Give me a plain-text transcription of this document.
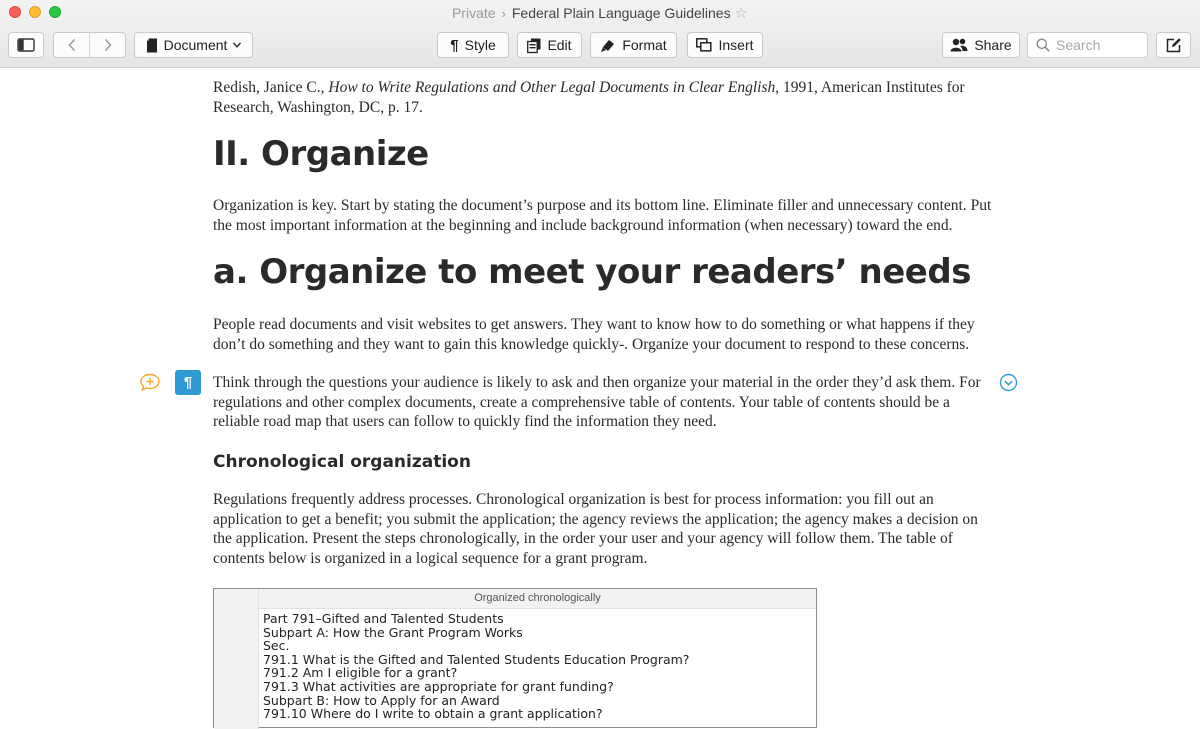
Private › Federal Plain Language Guidelines ☆
Document	¶ Style	Edit	Format	Insert	Share
Search
Redish, Janice C., How to Write Regulations and Other Legal Documents in Clear English, 1991, American Institutes for Research, Washington, DC, p. 17.
II. Organize
Organization is key. Start by stating the document’s purpose and its bottom line. Eliminate filler and unnecessary content. Put the most important information at the beginning and include background information (when necessary) toward the end.
a. Organize to meet your readers’ needs
People read documents and visit websites to get answers. They want to know how to do something or what happens if they don’t do something and they want to gain this knowledge quickly-. Organize your document to respond to these concerns.
¶	Think through the questions your audience is likely to ask and then organize your material in the order they’d ask them. For regulations and other complex documents, create a comprehensive table of contents. Your table of contents should be a reliable road map that users can follow to quickly find the information they need.
Chronological organization
Regulations frequently address processes. Chronological organization is best for process information: you fill out an application to get a benefit; you submit the application; the agency reviews the application; the agency makes a decision on the application. Present the steps chronologically, in the order your user and your agency will follow them. The table of contents below is organized in a logical sequence for a grant program.
Organized chronologically
Part 791–Gifted and Talented Students
Subpart A: How the Grant Program Works
Sec.
791.1 What is the Gifted and Talented Students Education Program?
791.2 Am I eligible for a grant?
791.3 What activities are appropriate for grant funding?
Subpart B: How to Apply for an Award
791.10 Where do I write to obtain a grant application?
